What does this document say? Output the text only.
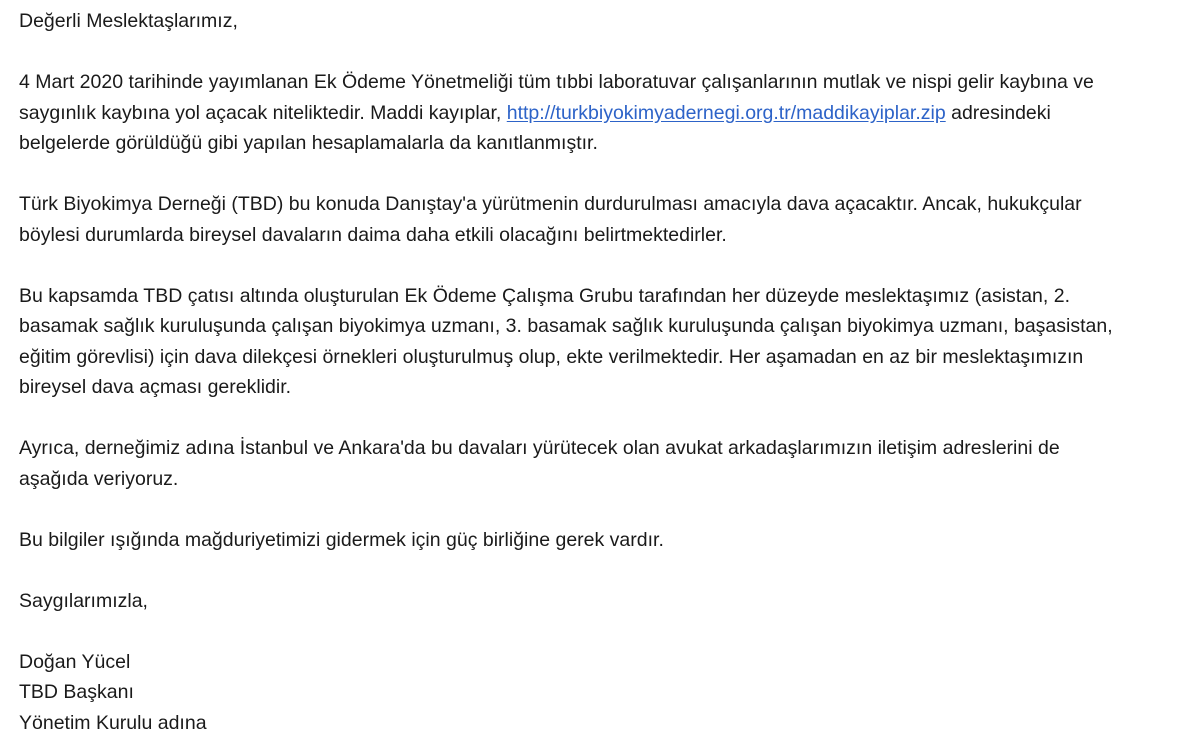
Değerli Meslektaşlarımız,

4 Mart 2020 tarihinde yayımlanan Ek Ödeme Yönetmeliği tüm tıbbi laboratuvar çalışanlarının mutlak ve nispi gelir kaybına ve
saygınlık kaybına yol açacak niteliktedir. Maddi kayıplar, http://turkbiyokimyadernegi.org.tr/maddikayiplar.zip adresindeki
belgelerde görüldüğü gibi yapılan hesaplamalarla da kanıtlanmıştır.

Türk Biyokimya Derneği (TBD) bu konuda Danıştay'a yürütmenin durdurulması amacıyla dava açacaktır. Ancak, hukukçular
böylesi durumlarda bireysel davaların daima daha etkili olacağını belirtmektedirler.

Bu kapsamda TBD çatısı altında oluşturulan Ek Ödeme Çalışma Grubu tarafından her düzeyde meslektaşımız (asistan, 2.
basamak sağlık kuruluşunda çalışan biyokimya uzmanı, 3. basamak sağlık kuruluşunda çalışan biyokimya uzmanı, başasistan,
eğitim görevlisi) için dava dilekçesi örnekleri oluşturulmuş olup, ekte verilmektedir. Her aşamadan en az bir meslektaşımızın
bireysel dava açması gereklidir.

Ayrıca, derneğimiz adına İstanbul ve Ankara'da bu davaları yürütecek olan avukat arkadaşlarımızın iletişim adreslerini de
aşağıda veriyoruz.

Bu bilgiler ışığında mağduriyetimizi gidermek için güç birliğine gerek vardır.

Saygılarımızla,

Doğan Yücel
TBD Başkanı
Yönetim Kurulu adına
